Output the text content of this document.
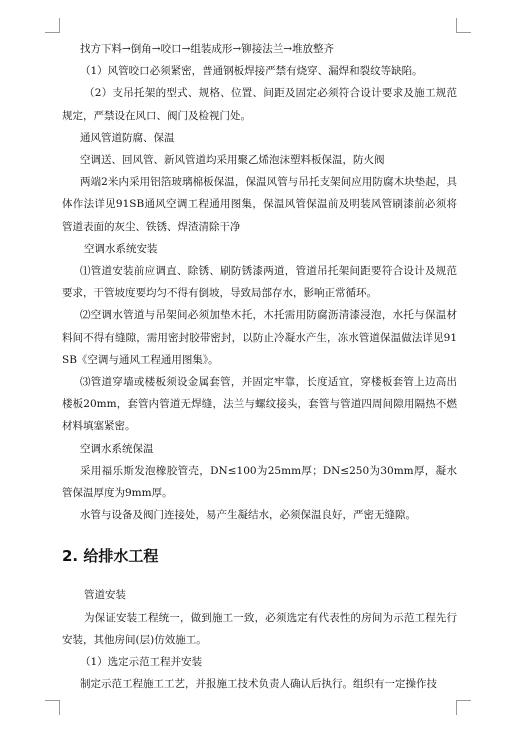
找方下料→倒角→咬口→组装成形→铆接法兰→堆放整齐

（1）风管咬口必须紧密，普通钢板焊接严禁有烧穿、漏焊和裂纹等缺陷。

（2）支吊托架的型式、规格、位置、间距及固定必须符合设计要求及施工规范规定，严禁设在风口、阀门及检视门处。

通风管道防腐、保温

空调送、回风管、新风管道均采用聚乙烯泡沫塑料板保温，防火阀

两端2米内采用铝箔玻璃棉板保温，保温风管与吊托支架间应用防腐木块垫起，具体作法详见91SB通风空调工程通用图集，保温风管保温前及明装风管刷漆前必须将管道表面的灰尘、铁锈、焊渣清除干净

空调水系统安装

⑴管道安装前应调直、除锈、刷防锈漆两道，管道吊托架间距要符合设计及规范要求，干管坡度要均匀不得有倒坡，导致局部存水，影响正常循环。

⑵空调水管道与吊架间必须加垫木托，木托需用防腐沥清漆浸泡，水托与保温材料间不得有缝隙，需用密封胶带密封，以防止冷凝水产生，冻水管道保温做法详见91SB《空调与通风工程通用图集》。

⑶管道穿墙或楼板须设金属套管，并固定牢靠，长度适宜，穿楼板套管上边高出楼板20mm，套管内管道无焊缝，法兰与螺纹接头，套管与管道四周间隙用隔热不燃材料填塞紧密。

空调水系统保温

采用福乐斯发泡橡胶管壳，DN≤100为25mm厚；DN≤250为30mm厚，凝水管保温厚度为9mm厚。

水管与设备及阀门连接处，易产生凝结水，必须保温良好，严密无缝隙。

2. 给排水工程

管道安装

为保证安装工程统一，做到施工一致，必须选定有代表性的房间为示范工程先行安装，其他房间(层)仿效施工。

（1）选定示范工程并安装

制定示范工程施工工艺，并报施工技术负责人确认后执行。组织有一定操作技
